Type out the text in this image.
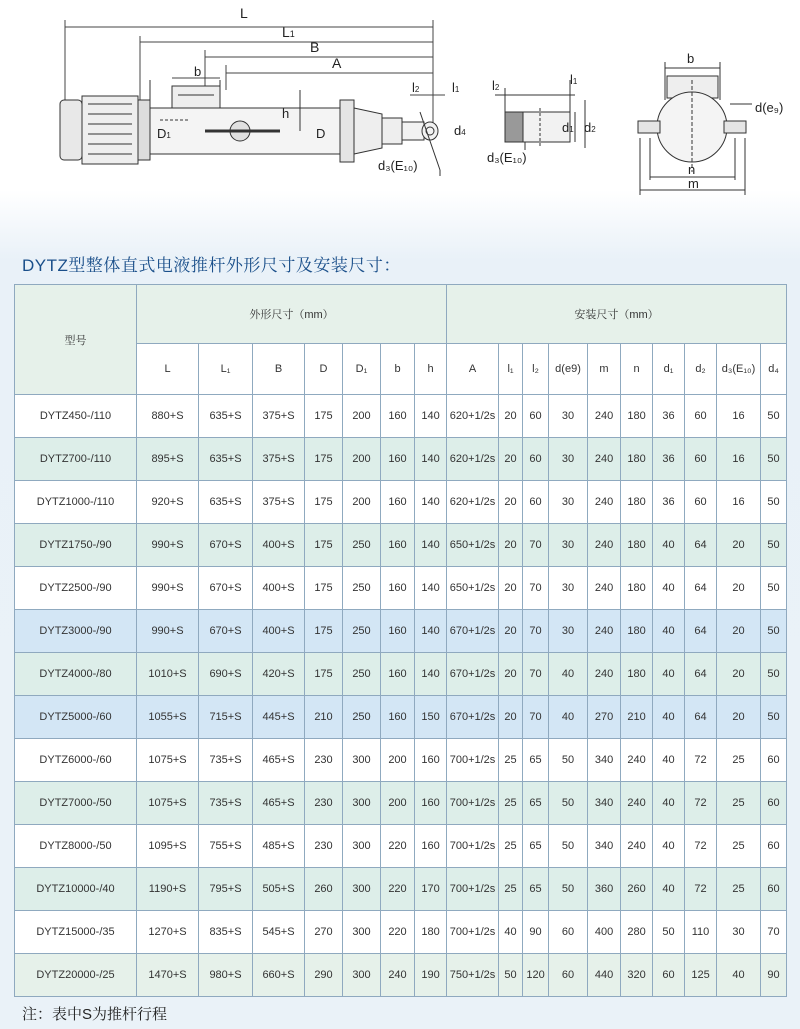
L
L1
B
A
b
h
D1	D
l2	l1
d4
d₃(E₁₀)
l2
l1
d1 d2
d₃(E₁₀)
b
d(e₉)
n
m
DYTZ型整体直式电液推杆外形尺寸及安装尺寸：
型号	外形尺寸（mm）							安装尺寸（mm）									
	L	L₁	B	D	D₁	b	h	A	l₁	l₂	d(e9)	m	n	d₁	d₂	d₃(E₁₀)	d₄
DYTZ450-/110	880+S	635+S	375+S	175	200	160	140	620+1/2s	20	60	30	240	180	36	60	16	50
DYTZ700-/110	895+S	635+S	375+S	175	200	160	140	620+1/2s	20	60	30	240	180	36	60	16	50
DYTZ1000-/110	920+S	635+S	375+S	175	200	160	140	620+1/2s	20	60	30	240	180	36	60	16	50
DYTZ1750-/90	990+S	670+S	400+S	175	250	160	140	650+1/2s	20	70	30	240	180	40	64	20	50
DYTZ2500-/90	990+S	670+S	400+S	175	250	160	140	650+1/2s	20	70	30	240	180	40	64	20	50
DYTZ3000-/90	990+S	670+S	400+S	175	250	160	140	670+1/2s	20	70	30	240	180	40	64	20	50
DYTZ4000-/80	1010+S	690+S	420+S	175	250	160	140	670+1/2s	20	70	40	240	180	40	64	20	50
DYTZ5000-/60	1055+S	715+S	445+S	210	250	160	150	670+1/2s	20	70	40	270	210	40	64	20	50
DYTZ6000-/60	1075+S	735+S	465+S	230	300	200	160	700+1/2s	25	65	50	340	240	40	72	25	60
DYTZ7000-/50	1075+S	735+S	465+S	230	300	200	160	700+1/2s	25	65	50	340	240	40	72	25	60
DYTZ8000-/50	1095+S	755+S	485+S	230	300	220	160	700+1/2s	25	65	50	340	240	40	72	25	60
DYTZ10000-/40	1190+S	795+S	505+S	260	300	220	170	700+1/2s	25	65	50	360	260	40	72	25	60
DYTZ15000-/35	1270+S	835+S	545+S	270	300	220	180	700+1/2s	40	90	60	400	280	50	110	30	70
DYTZ20000-/25	1470+S	980+S	660+S	290	300	240	190	750+1/2s	50	120	60	440	320	60	125	40	90
注：表中S为推杆行程
